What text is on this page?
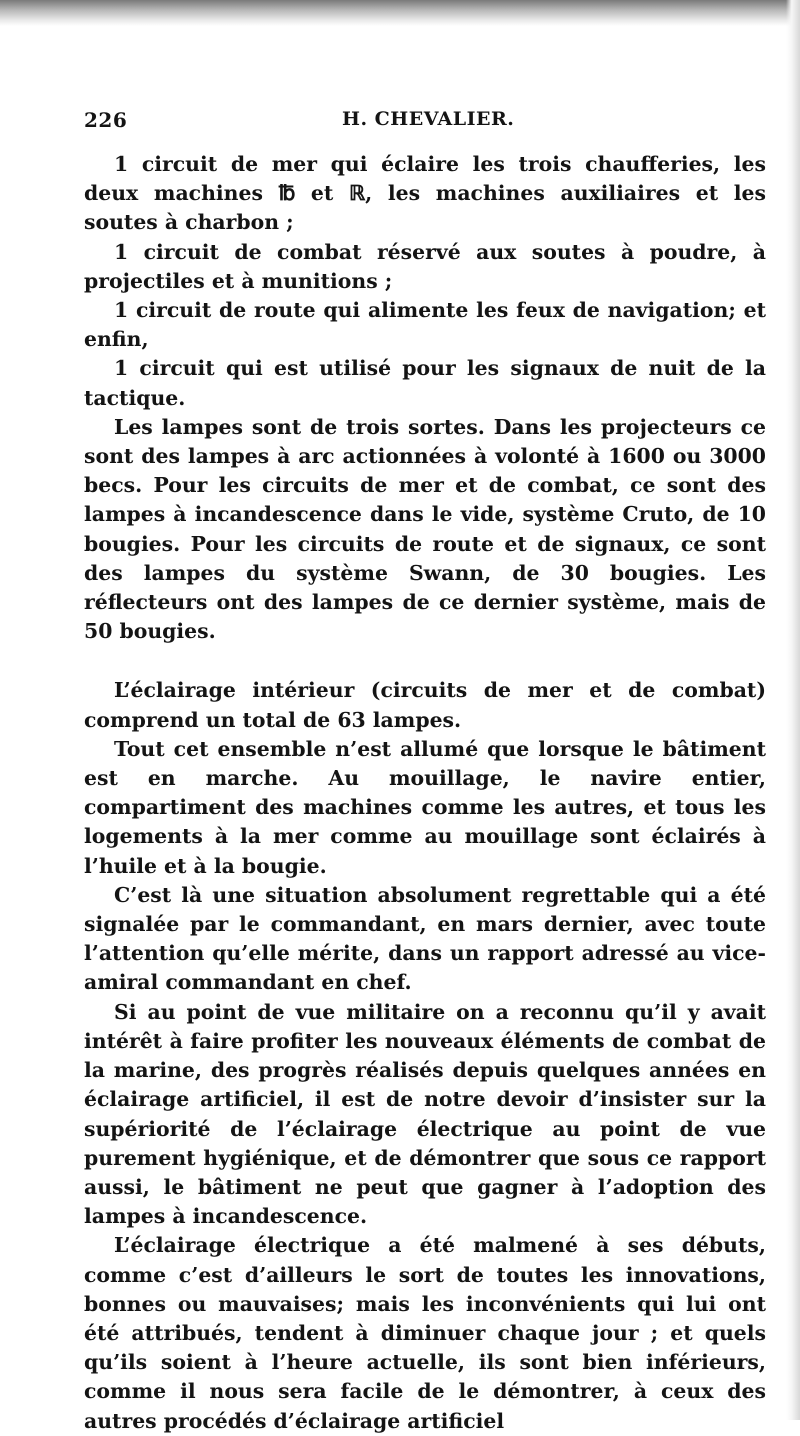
226	H. CHEVALIER.

1 circuit de mer qui éclaire les trois chaufferies, les deux machines ℔ et ℝ, les machines auxiliaires et les soutes à charbon ;

1 circuit de combat réservé aux soutes à poudre, à projectiles et à munitions ;

1 circuit de route qui alimente les feux de navigation; et enfin,

1 circuit qui est utilisé pour les signaux de nuit de la tactique.

Les lampes sont de trois sortes. Dans les projecteurs ce sont des lampes à arc actionnées à volonté à 1600 ou 3000 becs. Pour les circuits de mer et de combat, ce sont des lampes à incandescence dans le vide, système Cruto, de 10 bougies. Pour les circuits de route et de signaux, ce sont des lampes du système Swann, de 30 bougies. Les réflecteurs ont des lampes de ce dernier système, mais de 50 bougies.

L’éclairage intérieur (circuits de mer et de combat) comprend un total de 63 lampes.

Tout cet ensemble n’est allumé que lorsque le bâtiment est en marche. Au mouillage, le navire entier, compartiment des machines comme les autres, et tous les logements à la mer comme au mouillage sont éclairés à l’huile et à la bougie.

C’est là une situation absolument regrettable qui a été signalée par le commandant, en mars dernier, avec toute l’attention qu’elle mérite, dans un rapport adressé au vice-amiral commandant en chef.

Si au point de vue militaire on a reconnu qu’il y avait intérêt à faire profiter les nouveaux éléments de combat de la marine, des progrès réalisés depuis quelques années en éclairage artificiel, il est de notre devoir d’insister sur la supériorité de l’éclairage électrique au point de vue purement hygiénique, et de démontrer que sous ce rapport aussi, le bâtiment ne peut que gagner à l’adoption des lampes à incandescence.

L’éclairage électrique a été malmené à ses débuts, comme c’est d’ailleurs le sort de toutes les innovations, bonnes ou mauvaises; mais les inconvénients qui lui ont été attribués, tendent à diminuer chaque jour ; et quels qu’ils soient à l’heure actuelle, ils sont bien inférieurs, comme il nous sera facile de le démontrer, à ceux des autres procédés d’éclairage artificiel
